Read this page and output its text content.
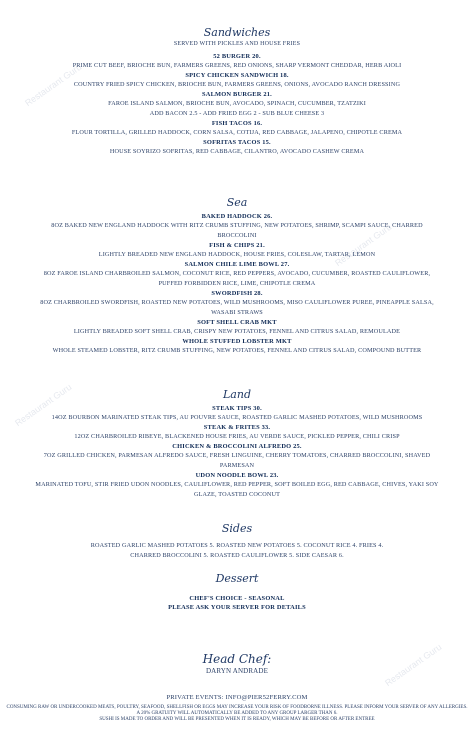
Restaurant Guru
Restaurant Guru
Restaurant Guru
Restaurant Guru

Sandwiches

SERVED WITH PICKLES AND HOUSE FRIES

52 BURGER 20.

PRIME CUT BEEF, BRIOCHE BUN, FARMERS GREENS, RED ONIONS, SHARP VERMONT CHEDDAR, HERB AIOLI

SPICY CHICKEN SANDWICH 18.

COUNTRY FRIED SPICY CHICKEN, BRIOCHE BUN, FARMERS GREENS, ONIONS, AVOCADO RANCH DRESSING

SALMON BURGER 21.

FAROE ISLAND SALMON, BRIOCHE BUN, AVOCADO, SPINACH, CUCUMBER, TZATZIKI

ADD BACON 2.5 - ADD FRIED EGG 2 - SUB BLUE CHEESE 3

FISH TACOS 16.

FLOUR TORTILLA, GRILLED HADDOCK, CORN SALSA, COTIJA, RED CABBAGE, JALAPENO, CHIPOTLE CREMA

SOFRITAS TACOS 15.

HOUSE SOYRIZO SOFRITAS, RED CABBAGE, CILANTRO, AVOCADO CASHEW CREMA

Sea

BAKED HADDOCK 26.

8OZ BAKED NEW ENGLAND HADDOCK WITH RITZ CRUMB STUFFING, NEW POTATOES, SHRIMP, SCAMPI SAUCE, CHARRED

BROCCOLINI

FISH & CHIPS 21.

LIGHTLY BREADED NEW ENGLAND HADDOCK, HOUSE FRIES, COLESLAW, TARTAR, LEMON

SALMON CHILE LIME BOWL 27.

8OZ FAROE ISLAND CHARBROILED SALMON, COCONUT RICE, RED PEPPERS, AVOCADO, CUCUMBER, ROASTED CAULIFLOWER,

PUFFED FORBIDDEN RICE, LIME, CHIPOTLE CREMA

SWORDFISH 28.

8OZ CHARBROILED SWORDFISH, ROASTED NEW POTATOES, WILD MUSHROOMS, MISO CAULIFLOWER PUREE, PINEAPPLE SALSA,

WASABI STRAWS

SOFT SHELL CRAB MKT

LIGHTLY BREADED SOFT SHELL CRAB, CRISPY NEW POTATOES, FENNEL AND CITRUS SALAD, REMOULADE

WHOLE STUFFED LOBSTER MKT

WHOLE STEAMED LOBSTER, RITZ CRUMB STUFFING, NEW POTATOES, FENNEL AND CITRUS SALAD, COMPOUND BUTTER

Land

STEAK TIPS 30.

14OZ BOURBON MARINATED STEAK TIPS, AU POUVRE SAUCE, ROASTED GARLIC MASHED POTATOES, WILD MUSHROOMS

STEAK & FRITES 33.

12OZ CHARBROILED RIBEYE, BLACKENED HOUSE FRIES, AU VERDE SAUCE, PICKLED PEPPER, CHILI CRISP

CHICKEN & BROCCOLINI ALFREDO 25.

7OZ GRILLED CHICKEN, PARMESAN ALFREDO SAUCE, FRESH LINGUINE, CHERRY TOMATOES, CHARRED BROCCOLINI, SHAVED

PARMESAN

UDON NOODLE BOWL 23.

MARINATED TOFU, STIR FRIED UDON NOODLES, CAULIFLOWER, RED PEPPER, SOFT BOILED EGG, RED CABBAGE, CHIVES, YAKI SOY

GLAZE, TOASTED COCONUT

Sides

ROASTED GARLIC MASHED POTATOES 5. ROASTED NEW POTATOES 5. COCONUT RICE 4. FRIES 4.

CHARRED BROCCOLINI 5. ROASTED CAULIFLOWER 5. SIDE CAESAR 6.

Dessert

CHEF'S CHOICE - SEASONAL

PLEASE ASK YOUR SERVER FOR DETAILS

Head Chef:

DARYN ANDRADE

PRIVATE EVENTS: INFO@PIER52FERRY.COM

CONSUMING RAW OR UNDERCOOKED MEATS, POULTRY, SEAFOOD, SHELLFISH OR EGGS MAY INCREASE YOUR RISK OF FOODBORNE ILLNESS. PLEASE INFORM YOUR SERVER OF ANY ALLERGIES.

A 20% GRATUITY WILL AUTOMATICALLY BE ADDED TO ANY GROUP LARGER THAN 6.

SUSHI IS MADE TO ORDER AND WILL BE PRESENTED WHEN IT IS READY, WHICH MAY BE BEFORE OR AFTER ENTREE
